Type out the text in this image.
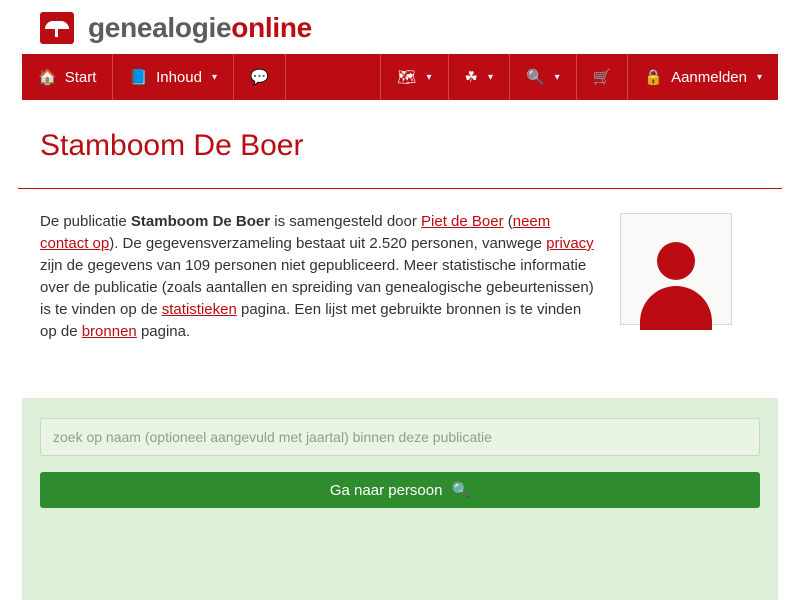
genealogieonline
🏠 Start 📘 Inhoud ▾ 💬	🗺 ▾ ☘ ▾ 🔍 ▾ 🛒 🔒 Aanmelden ▾
Stamboom De Boer
De publicatie Stamboom De Boer is samengesteld door Piet de Boer (neem contact op). De gegevensverzameling bestaat uit 2.520 personen, vanwege privacy zijn de gegevens van 109 personen niet gepubliceerd. Meer statistische informatie over de publicatie (zoals aantallen en spreiding van genealogische gebeurtenissen) is te vinden op de statistieken pagina. Een lijst met gebruikte bronnen is te vinden op de bronnen pagina.
zoek op naam (optioneel aangevuld met jaartal) binnen deze publicatie
Ga naar persoon 🔍
